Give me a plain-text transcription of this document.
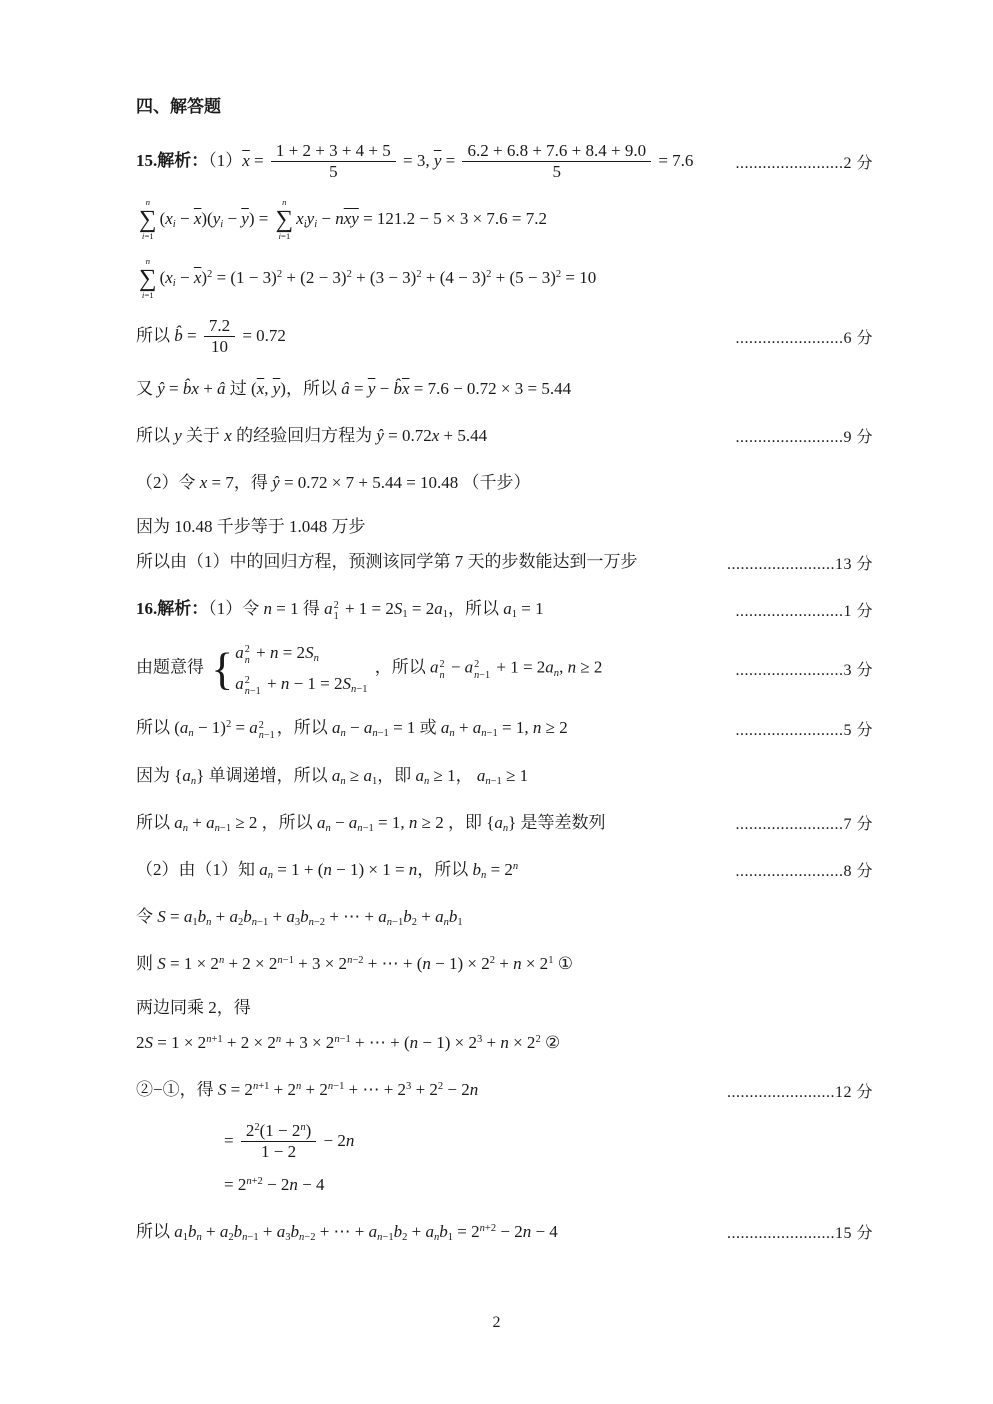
四、解答题
15.解析：$(1)\overline{x} = \frac{1 + 2 + 3 + 4 + 5}{5} = 3$, $\overline{y} = \frac{6.2 + 6.8 + 7.6 + 8.4 + 9.0}{5} = 7.6$	........................2 分
n
∑
i=1
$(x_i - \overline{x})(y_i - \overline{y})$ =
n
∑
i=1
$x_iy_i - n\overline{xy} = 121.2 - 5 \times 3 \times 7.6 = 7.2$
n
∑
i=1
$(x_i - \overline{x})^2 = (1 - 3)^2 + (2 - 3)^2 + (3 - 3)^2 + (4 - 3)^2 + (5 - 3)^2 = 10$
所以 b̂ = $\frac{7.2}{10} = 0.72$	........................6 分
又 ŷ = b̂x + â 过 ($\overline{x}$, $\overline{y}$)，所以 â = $\overline{y}$ − $b̂\overline{x} = 7.6 - 0.72 \times 3 = 5.44$
所以 y 关于 x 的经验回归方程为 ŷ = 0.72x + 5.44	........................9 分
（2）令 x = 7，得 ŷ = 0.72 × 7 + 5.44 = 10.48 （千步）
因为 10.48 千步等于 1.048 万步
所以由（1）中的回归方程，预测该同学第 7 天的步数能达到一万步	........................13 分
16.解析：（1）令 n = 1 得 a 2
$1 + 1 = 2S_1 = 2a_1$，所以 $a_1 = 1$	........................1 分
由题意得 { a 2
$n + n = 2S_n$
a 2
$n-1 + n - 1 = 2S_{n-1}$
，所以 a 2
n − a 2
$n-1 + 1 = 2a_n$, n ≥ 2	........................3 分
所以 $(a_n - 1)^2 = a$ 2
n−1 ，所以 $a_n - a_{n-1} = 1$ 或 $a_n + a_{n-1} = 1$, n ≥ 2	........................5 分
因为 $\{a_n\}$ 单调递增，所以 $a_n \ge a_1$，即 $a_n \ge 1$， $a_{n-1} \ge 1$
所以 $a_n + a_{n-1} \ge 2$ ，所以 $a_n - a_{n-1} = 1$, n ≥ 2 ，即 $\{a_n\}$ 是等差数列	........................7 分
（2）由（1）知 $a_n = 1 + (n - 1) \times 1 = n$，所以 $b_n = 2^n$	........................8 分
令 $S = a_1b_n + a_2b_{n-1} + a_3b_{n-2}$ + ⋯ + $a_{n-1}b_2 + a_nb_1$
则 $S = 1 \times 2^n + 2 \times 2^{n-1} + 3 \times 2^{n-2}$ + ⋯ + $(n - 1) \times 2^2 + n \times 2^1$ ①
两边同乘 2，得
$2S = 1 \times 2^{n+1} + 2 \times 2^n + 3 \times 2^{n-1}$ + ⋯ + $(n - 1) \times 2^3 + n \times 2^2$ ②
②−①，得 $S = 2^{n+1} + 2^n + 2^{n-1}$ + ⋯ + $2^3 + 2^2 - 2n$	........................12 分
= $\frac{2^2(1 - 2^n)}{1 - 2} - 2n$
= $2^{n+2} - 2n - 4$
所以 $a_1b_n + a_2b_{n-1} + a_3b_{n-2}$ + ⋯ + $a_{n-1}b_2 + a_nb_1 = 2^{n+2} - 2n - 4$	........................15 分
2
